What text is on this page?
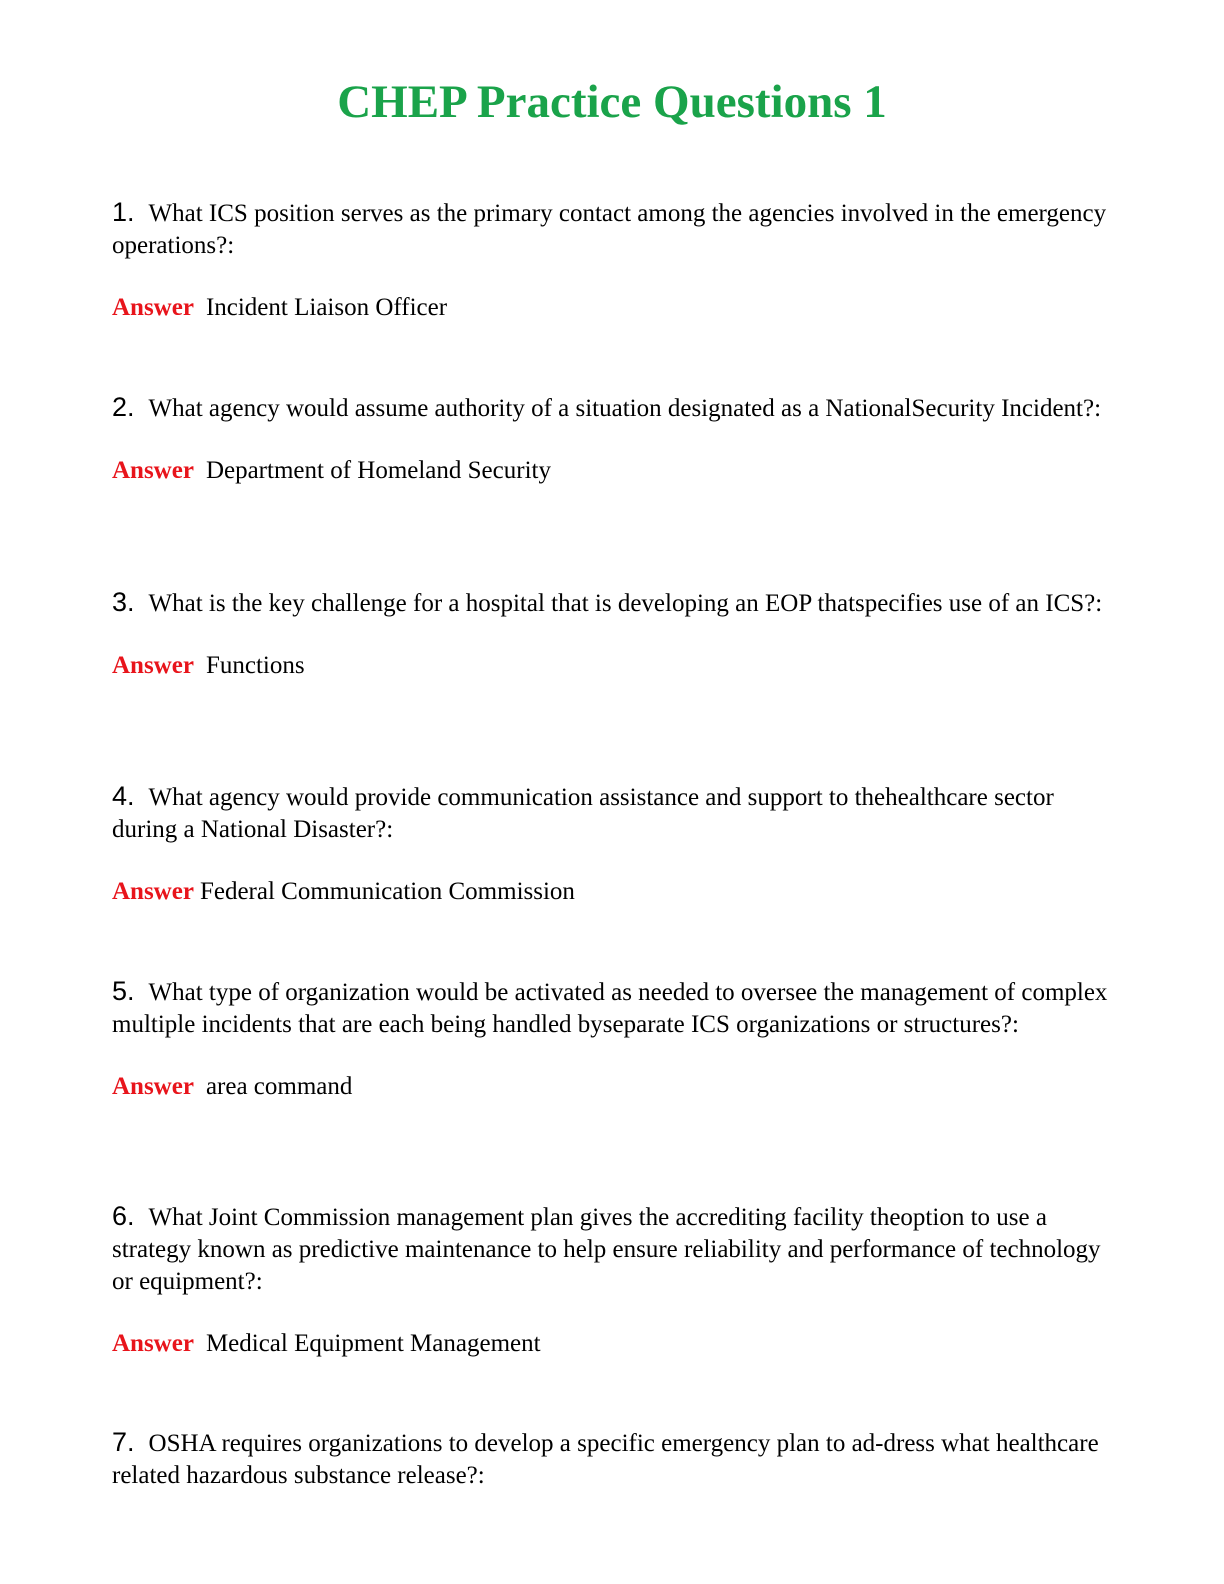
CHEP Practice Questions 1

1. What ICS position serves as the primary contact among the agencies involved in the emergency operations?:

Answer Incident Liaison Officer

2. What agency would assume authority of a situation designated as a NationalSecurity Incident?:

Answer Department of Homeland Security

3. What is the key challenge for a hospital that is developing an EOP thatspecifies use of an ICS?:

Answer Functions

4. What agency would provide communication assistance and support to thehealthcare sector during a National Disaster?:

Answer Federal Communication Commission

5. What type of organization would be activated as needed to oversee the management of complex multiple incidents that are each being handled byseparate ICS organizations or structures?:

Answer area command

6. What Joint Commission management plan gives the accrediting facility theoption to use a strategy known as predictive maintenance to help ensure reliability and performance of technology or equipment?:

Answer Medical Equipment Management

7. OSHA requires organizations to develop a specific emergency plan to ad-dress what healthcare related hazardous substance release?:
